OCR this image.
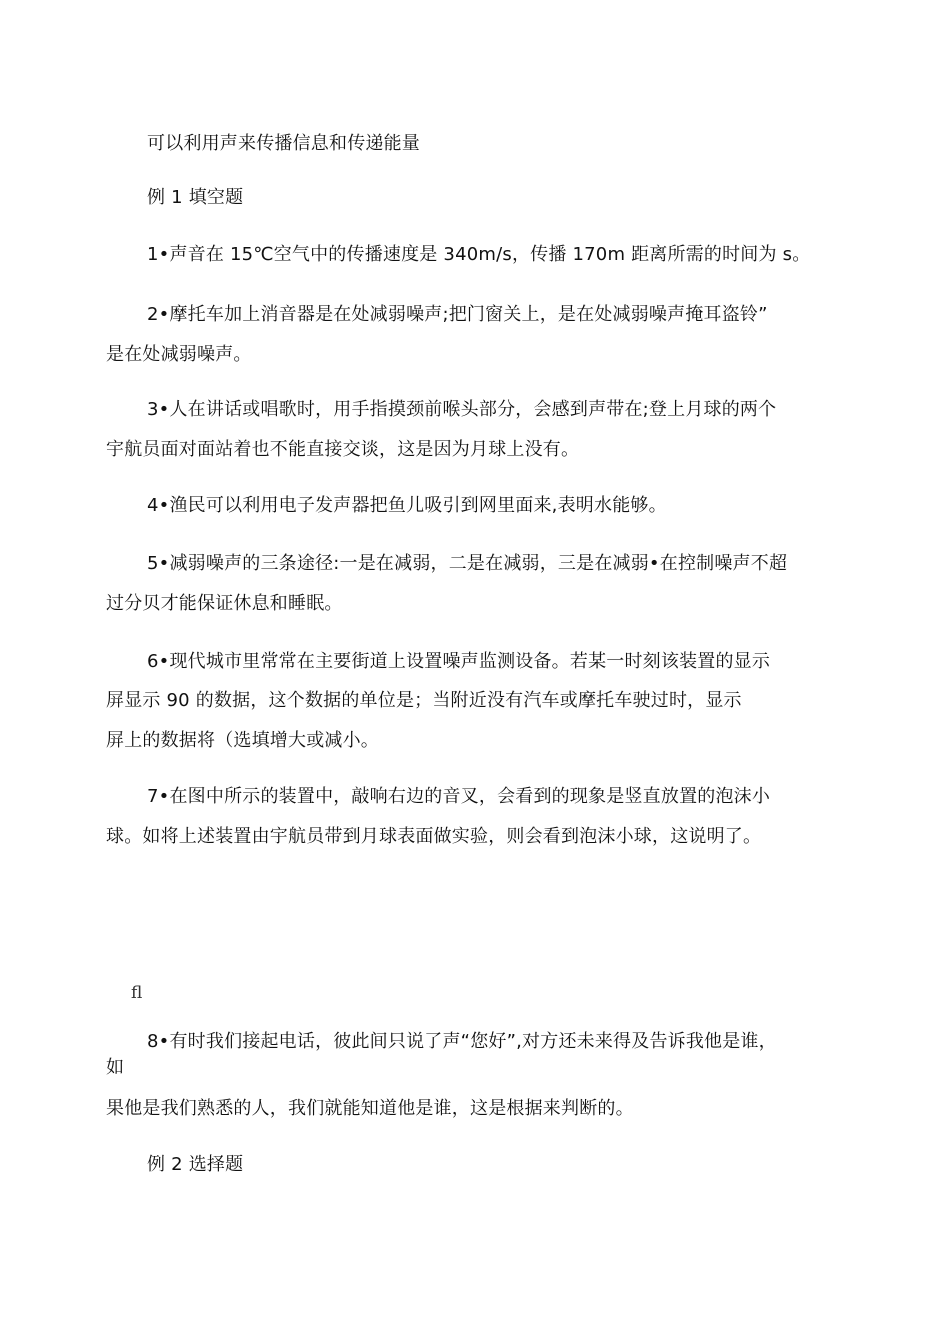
可以利用声来传播信息和传递能量
例 1 填空题
1•声音在 15℃空气中的传播速度是 340m/s，传播 170m 距离所需的时间为 s。
2•摩托车加上消音器是在处减弱噪声;把门窗关上，是在处减弱噪声掩耳盗铃”
是在处减弱噪声。
3•人在讲话或唱歌时，用手指摸颈前喉头部分，会感到声带在;登上月球的两个
宇航员面对面站着也不能直接交谈，这是因为月球上没有。
4•渔民可以利用电子发声器把鱼儿吸引到网里面来,表明水能够。
5•减弱噪声的三条途径:一是在减弱，二是在减弱，三是在减弱•在控制噪声不超
过分贝才能保证休息和睡眠。
6•现代城市里常常在主要街道上设置噪声监测设备。若某一时刻该装置的显示
屏显示 90 的数据，这个数据的单位是；当附近没有汽车或摩托车驶过时，显示
屏上的数据将（选填增大或减小。
7•在图中所示的装置中，敲响右边的音叉，会看到的现象是竖直放置的泡沫小
球。如将上述装置由宇航员带到月球表面做实验，则会看到泡沫小球，这说明了。
fl
8•有时我们接起电话，彼此间只说了声“您好”,对方还未来得及告诉我他是谁，
如
果他是我们熟悉的人，我们就能知道他是谁，这是根据来判断的。
例 2 选择题
